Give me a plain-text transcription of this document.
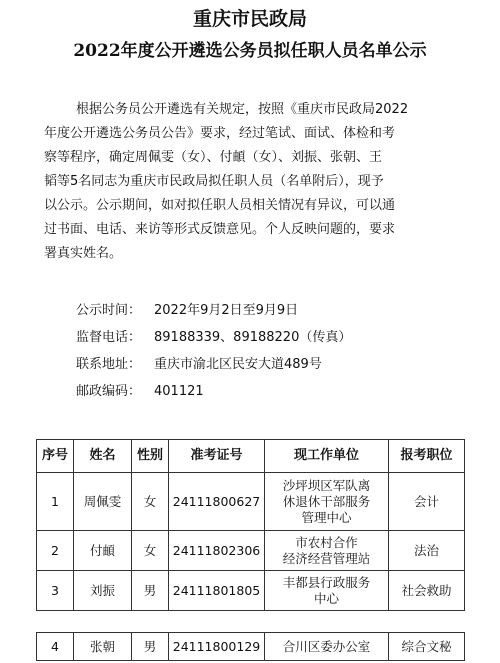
重庆市民政局
2022年度公开遴选公务员拟任职人员名单公示
根据公务员公开遴选有关规定，按照《重庆市民政局2022
年度公开遴选公务员公告》要求，经过笔试、面试、体检和考
察等程序，确定周佩雯（女）、付頔（女）、刘振、张朝、王
韬等5名同志为重庆市民政局拟任职人员（名单附后），现予
以公示。公示期间，如对拟任职人员相关情况有异议，可以通
过书面、电话、来访等形式反馈意见。个人反映问题的，要求
署真实姓名。
公示时间： 2022年9月2日至9月9日
监督电话： 89188339、89188220（传真）
联系地址： 重庆市渝北区民安大道489号
邮政编码： 401121
序号	姓名	性别	准考证号	现工作单位	报考职位
1	周佩雯	女	24111800627	沙坪坝区军队离
休退休干部服务
管理中心	会计
2	付頔	女	24111802306	市农村合作
经济经营管理站	法治
3	刘振	男	24111801805	丰都县行政服务
中心	社会救助
4	张朝	男	24111800129	合川区委办公室	综合文秘
